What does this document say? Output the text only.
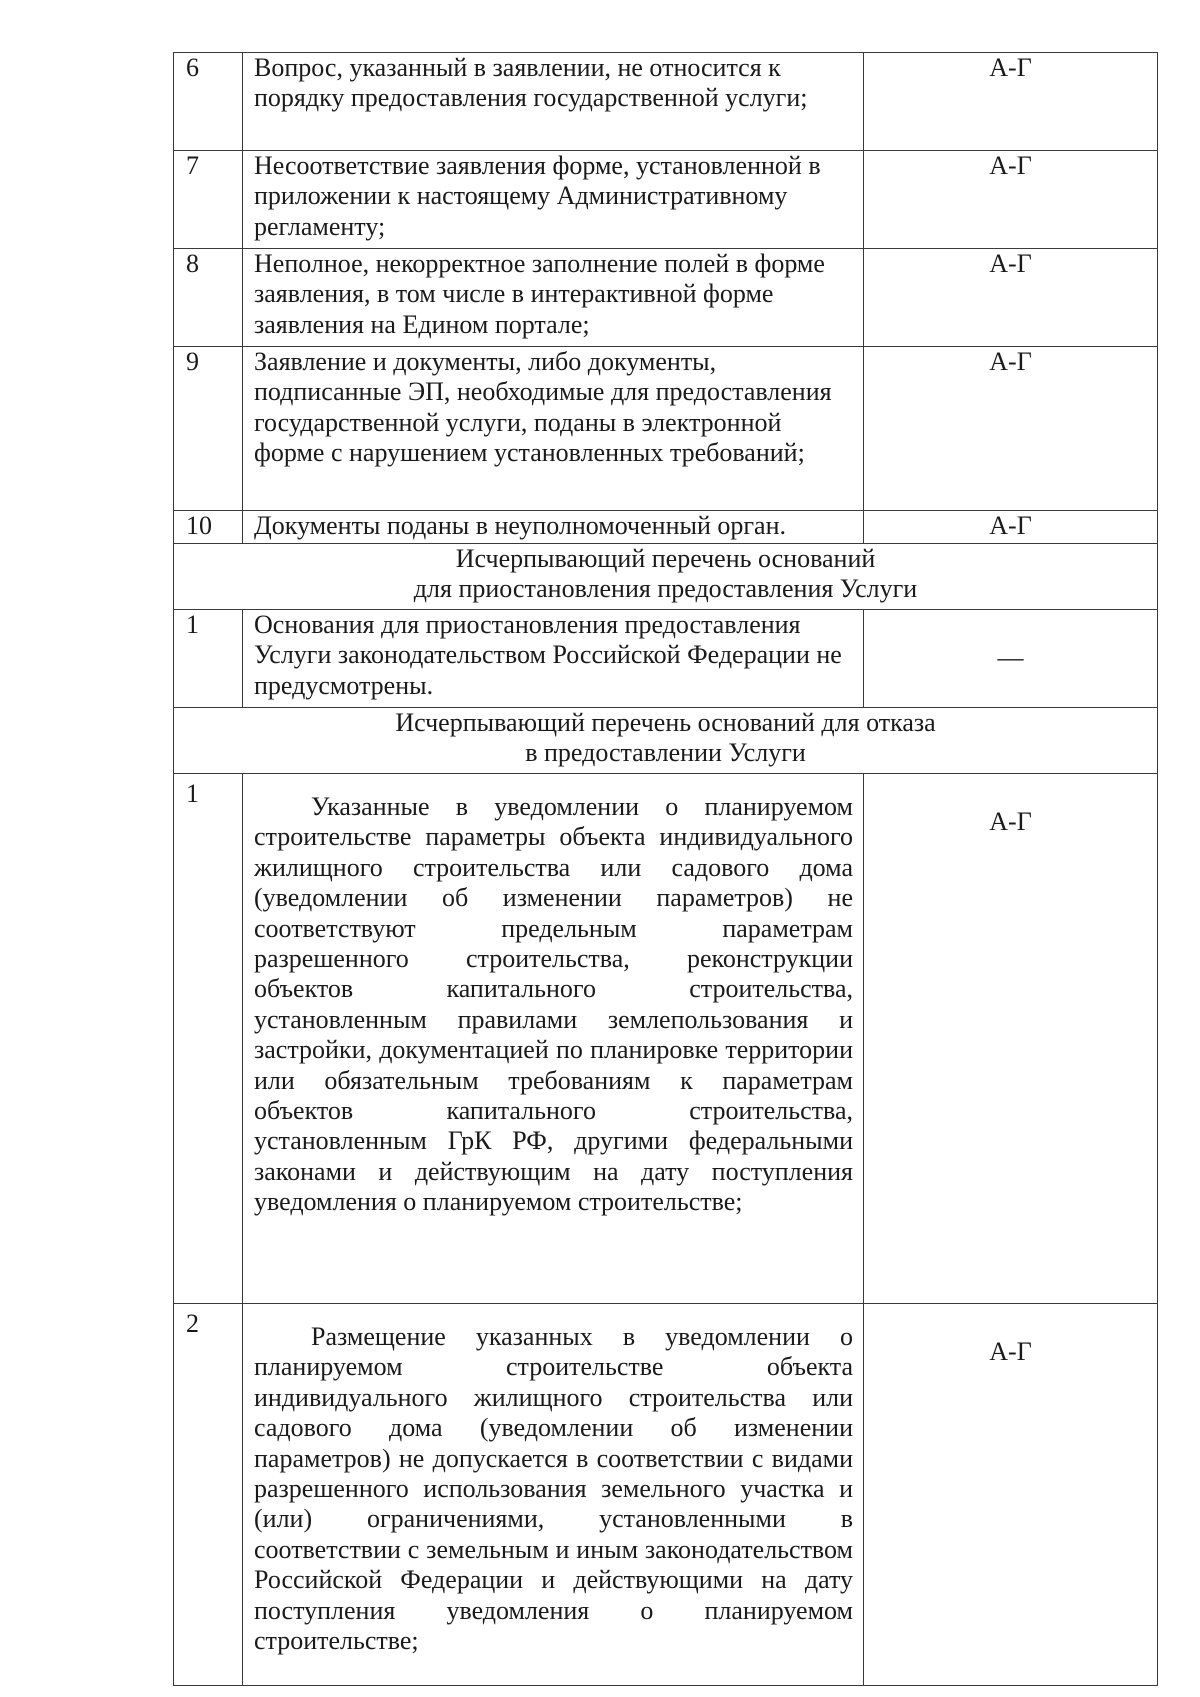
6	Вопрос, указанный в заявлении, не относится к порядку предоставления государственной услуги;	А-Г
7	Несоответствие заявления форме, установленной в приложении к настоящему Административному регламенту;	А-Г
8	Неполное, некорректное заполнение полей в форме заявления, в том числе в интерактивной форме заявления на Едином портале;	А-Г
9	Заявление и документы, либо документы, подписанные ЭП, необходимые для предоставления государственной услуги, поданы в электронной форме с нарушением установленных требований;	А-Г
10	Документы поданы в неуполномоченный орган.	А-Г

Исчерпывающий перечень оснований
для приостановления предоставления Услуги		

1	Основания для приостановления предоставления Услуги законодательством Российской Федерации не предусмотрены.	—

Исчерпывающий перечень оснований для отказа
в предоставлении Услуги		

1	Указанные в уведомлении о планируемом строительстве параметры объекта индивидуального жилищного строительства или садового дома (уведомлении об изменении параметров) не соответствуют предельным параметрам разрешенного строительства, реконструкции объектов капитального строительства, установленным правилами землепользования и застройки, документацией по планировке территории или обязательным требованиям к параметрам объектов капитального строительства, установленным ГрК РФ, другими федеральными законами и действующим на дату поступления уведомления о планируемом строительстве;	А-Г
2	Размещение указанных в уведомлении о планируемом строительстве объекта индивидуального жилищного строительства или садового дома (уведомлении об изменении параметров) не допускается в соответствии с видами разрешенного использования земельного участка и (или) ограничениями, установленными в соответствии с земельным и иным законодательством Российской Федерации и действующими на дату поступления уведомления о планируемом строительстве;	А-Г
